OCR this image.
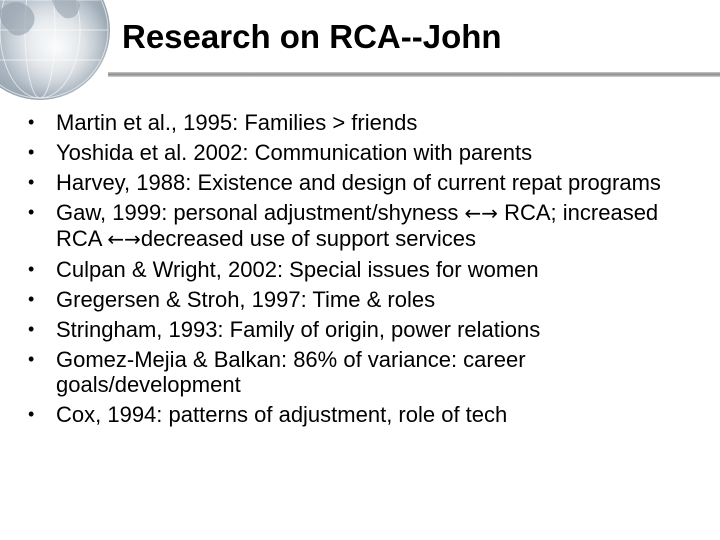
Research on RCA--John
• Martin et al., 1995: Families > friends
• Yoshida et al. 2002: Communication with parents
• Harvey, 1988: Existence and design of current repat programs
• Gaw, 1999: personal adjustment/shyness ←→ RCA; increased RCA ←→decreased use of support services
• Culpan & Wright, 2002: Special issues for women
• Gregersen & Stroh, 1997: Time & roles
• Stringham, 1993: Family of origin, power relations
• Gomez-Mejia & Balkan: 86% of variance: career goals/development
• Cox, 1994: patterns of adjustment, role of tech
